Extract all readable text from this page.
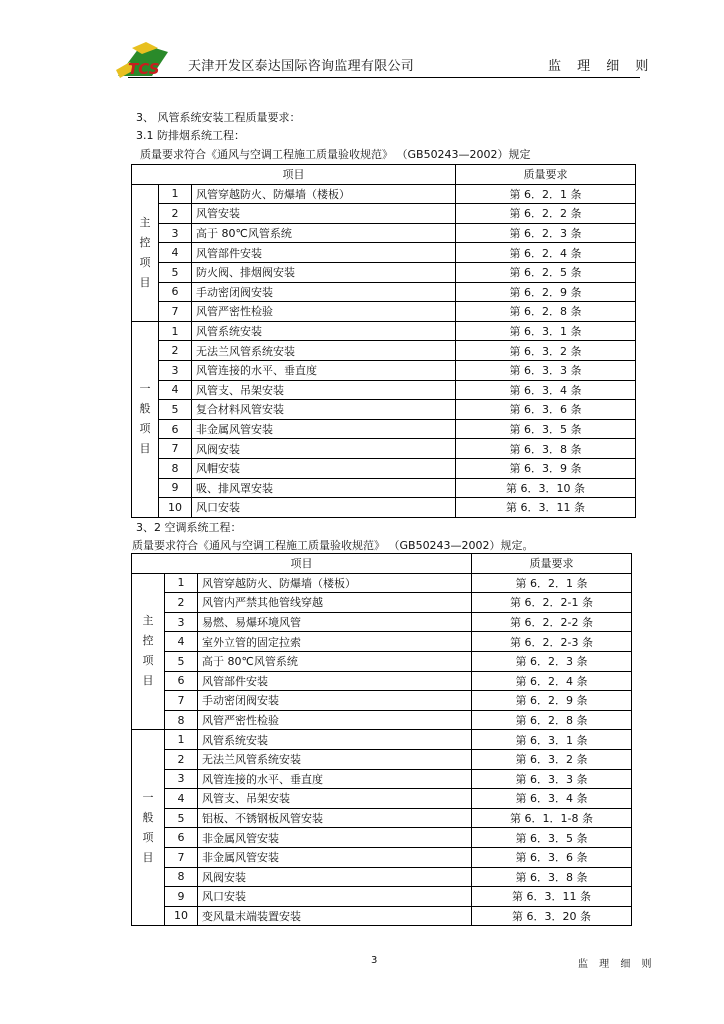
TCS 天津开发区泰达国际咨询监理有限公司	监 理 细 则
3、 风管系统安装工程质量要求：
3.1 防排烟系统工程：
质量要求符合《通风与空调工程施工质量验收规范》 （GB50243—2002）规定
项目			质量要求

主
控
项
目	1	风管穿越防火、防爆墙（楼板）	第 6．2．1 条
	2	风管安装	第 6．2．2 条
	3	高于 80℃风管系统	第 6．2．3 条
	4	风管部件安装	第 6．2．4 条
	5	防火阀、排烟阀安装	第 6．2．5 条
	6	手动密闭阀安装	第 6．2．9 条
	7	风管严密性检验	第 6．2．8 条

一
般
项
目	1	风管系统安装	第 6．3．1 条
	2	无法兰风管系统安装	第 6．3．2 条
	3	风管连接的水平、垂直度	第 6．3．3 条
	4	风管支、吊架安装	第 6．3．4 条
	5	复合材料风管安装	第 6．3．6 条
	6	非金属风管安装	第 6．3．5 条
	7	风阀安装	第 6．3．8 条
	8	风帽安装	第 6．3．9 条
	9	吸、排风罩安装	第 6．3．10 条
	10	风口安装	第 6．3．11 条
3、2 空调系统工程：
质量要求符合《通风与空调工程施工质量验收规范》 （GB50243—2002）规定。
项目			质量要求

主
控
项
目	1	风管穿越防火、防爆墙（楼板）	第 6．2．1 条
	2	风管内严禁其他管线穿越	第 6．2．2-1 条
	3	易燃、易爆环境风管	第 6．2．2-2 条
	4	室外立管的固定拉索	第 6．2．2-3 条
	5	高于 80℃风管系统	第 6．2．3 条
	6	风管部件安装	第 6．2．4 条
	7	手动密闭阀安装	第 6．2．9 条
	8	风管严密性检验	第 6．2．8 条

一
般
项
目	1	风管系统安装	第 6．3．1 条
	2	无法兰风管系统安装	第 6．3．2 条
	3	风管连接的水平、垂直度	第 6．3．3 条
	4	风管支、吊架安装	第 6．3．4 条
	5	铝板、不锈钢板风管安装	第 6．1．1-8 条
	6	非金属风管安装	第 6．3．5 条
	7	非金属风管安装	第 6．3．6 条
	8	风阀安装	第 6．3．8 条
	9	风口安装	第 6．3．11 条
	10	变风量末端装置安装	第 6．3．20 条
3	监 理 细 则
